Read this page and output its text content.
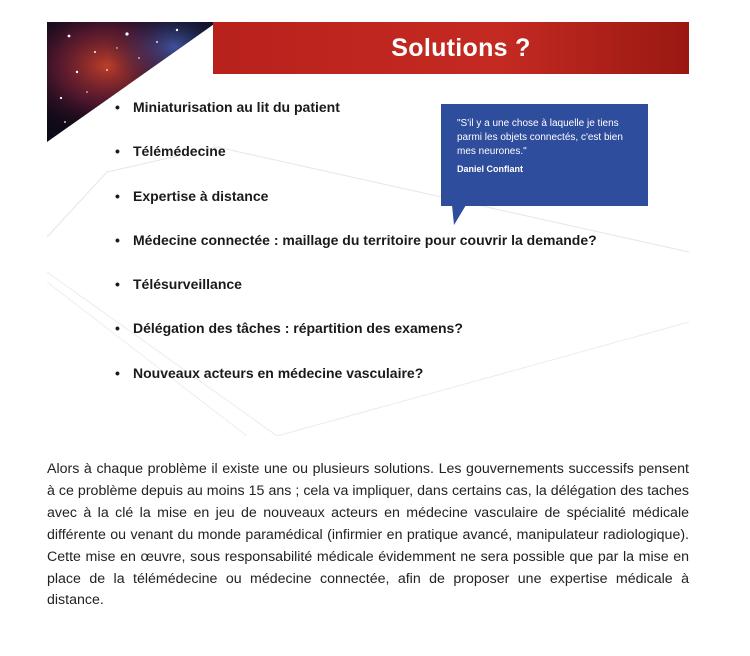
Solutions ?
• Miniaturisation au lit du patient
• Télémédecine
• Expertise à distance
• Médecine connectée : maillage du territoire pour couvrir la demande?
• Télésurveillance
• Délégation des tâches : répartition des examens?
• Nouveaux acteurs en médecine vasculaire?

"S'il y a une chose à laquelle je tiens parmi les objets connectés, c'est bien mes neurones."

Daniel Conflant

Alors à chaque problème il existe une ou plusieurs solutions. Les gouvernements successifs pensent à ce problème depuis au moins 15 ans ; cela va impliquer, dans certains cas, la délégation des taches avec à la clé la mise en jeu de nouveaux acteurs en médecine vasculaire de spécialité médicale différente ou venant du monde paramédical (infirmier en pratique avancé, manipulateur radiologique). Cette mise en œuvre, sous responsabilité médicale évidemment ne sera possible que par la mise en place de la télémédecine ou médecine connectée, afin de proposer une expertise médicale à distance.
